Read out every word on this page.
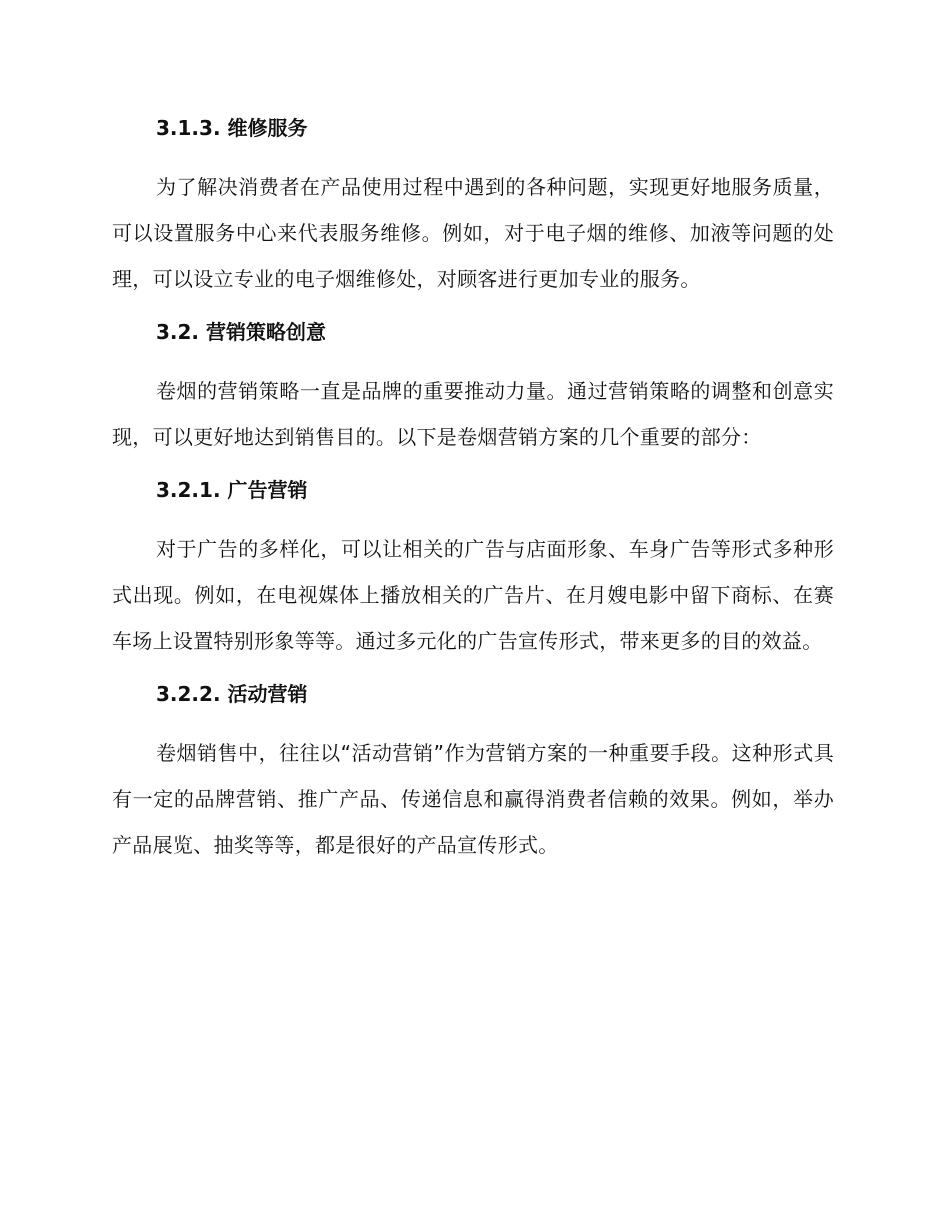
3.1.3. 维修服务

为了解决消费者在产品使用过程中遇到的各种问题，实现更好地服务质量，可以设置服务中心来代表服务维修。例如，对于电子烟的维修、加液等问题的处理，可以设立专业的电子烟维修处，对顾客进行更加专业的服务。

3.2. 营销策略创意

卷烟的营销策略一直是品牌的重要推动力量。通过营销策略的调整和创意实现，可以更好地达到销售目的。以下是卷烟营销方案的几个重要的部分：

3.2.1. 广告营销

对于广告的多样化，可以让相关的广告与店面形象、车身广告等形式多种形式出现。例如，在电视媒体上播放相关的广告片、在月嫂电影中留下商标、在赛车场上设置特别形象等等。通过多元化的广告宣传形式，带来更多的目的效益。

3.2.2. 活动营销

卷烟销售中，往往以“活动营销”作为营销方案的一种重要手段。这种形式具有一定的品牌营销、推广产品、传递信息和赢得消费者信赖的效果。例如，举办产品展览、抽奖等等，都是很好的产品宣传形式。
